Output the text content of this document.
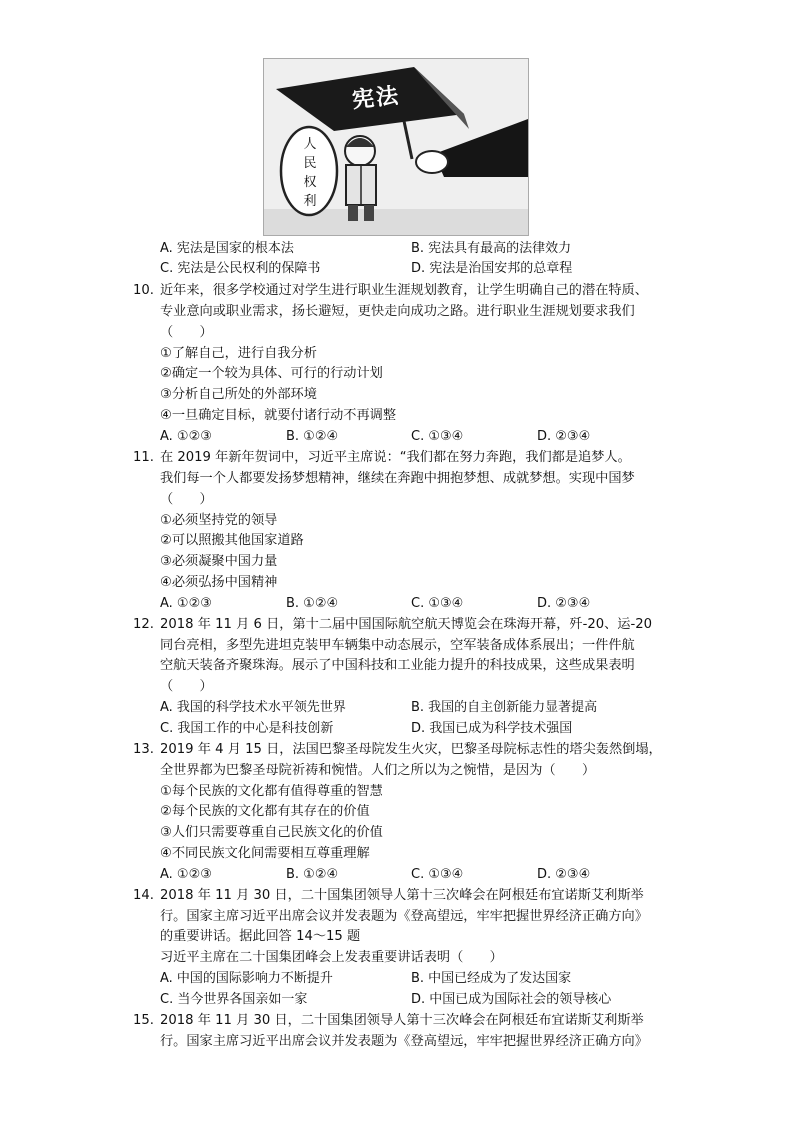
宪法
人
民
权
利
A. 宪法是国家的根本法	B. 宪法具有最高的法律效力
C. 宪法是公民权利的保障书	D. 宪法是治国安邦的总章程
10. 近年来，很多学校通过对学生进行职业生涯规划教育，让学生明确自己的潜在特质、
专业意向或职业需求，扬长避短，更快走向成功之路。进行职业生涯规划要求我们
（　　）
①了解自己，进行自我分析
②确定一个较为具体、可行的行动计划
③分析自己所处的外部环境
④一旦确定目标，就要付诸行动不再调整
A. ①②③	B. ①②④	C. ①③④	D. ②③④
11. 在 2019 年新年贺词中，习近平主席说：“我们都在努力奔跑，我们都是追梦人。
我们每一个人都要发扬梦想精神，继续在奔跑中拥抱梦想、成就梦想。实现中国梦
（　　）
①必须坚持党的领导
②可以照搬其他国家道路
③必须凝聚中国力量
④必须弘扬中国精神
A. ①②③	B. ①②④	C. ①③④	D. ②③④
12. 2018 年 11 月 6 日，第十二届中国国际航空航天博览会在珠海开幕，歼-20、运-20
同台亮相，多型先进坦克装甲车辆集中动态展示，空军装备成体系展出；一件件航
空航天装备齐聚珠海。展示了中国科技和工业能力提升的科技成果，这些成果表明
（　　）
A. 我国的科学技术水平领先世界	B. 我国的自主创新能力显著提高
C. 我国工作的中心是科技创新	D. 我国已成为科学技术强国
13. 2019 年 4 月 15 日，法国巴黎圣母院发生火灾，巴黎圣母院标志性的塔尖轰然倒塌，
全世界都为巴黎圣母院祈祷和惋惜。人们之所以为之惋惜，是因为（　　）
①每个民族的文化都有值得尊重的智慧
②每个民族的文化都有其存在的价值
③人们只需要尊重自己民族文化的价值
④不同民族文化间需要相互尊重理解
A. ①②③	B. ①②④	C. ①③④	D. ②③④
14. 2018 年 11 月 30 日，二十国集团领导人第十三次峰会在阿根廷布宜诺斯艾利斯举
行。国家主席习近平出席会议并发表题为《登高望远，牢牢把握世界经济正确方向》
的重要讲话。据此回答 14～15 题
习近平主席在二十国集团峰会上发表重要讲话表明（　　）
A. 中国的国际影响力不断提升	B. 中国已经成为了发达国家
C. 当今世界各国亲如一家	D. 中国已成为国际社会的领导核心
15. 2018 年 11 月 30 日，二十国集团领导人第十三次峰会在阿根廷布宜诺斯艾利斯举
行。国家主席习近平出席会议并发表题为《登高望远，牢牢把握世界经济正确方向》
